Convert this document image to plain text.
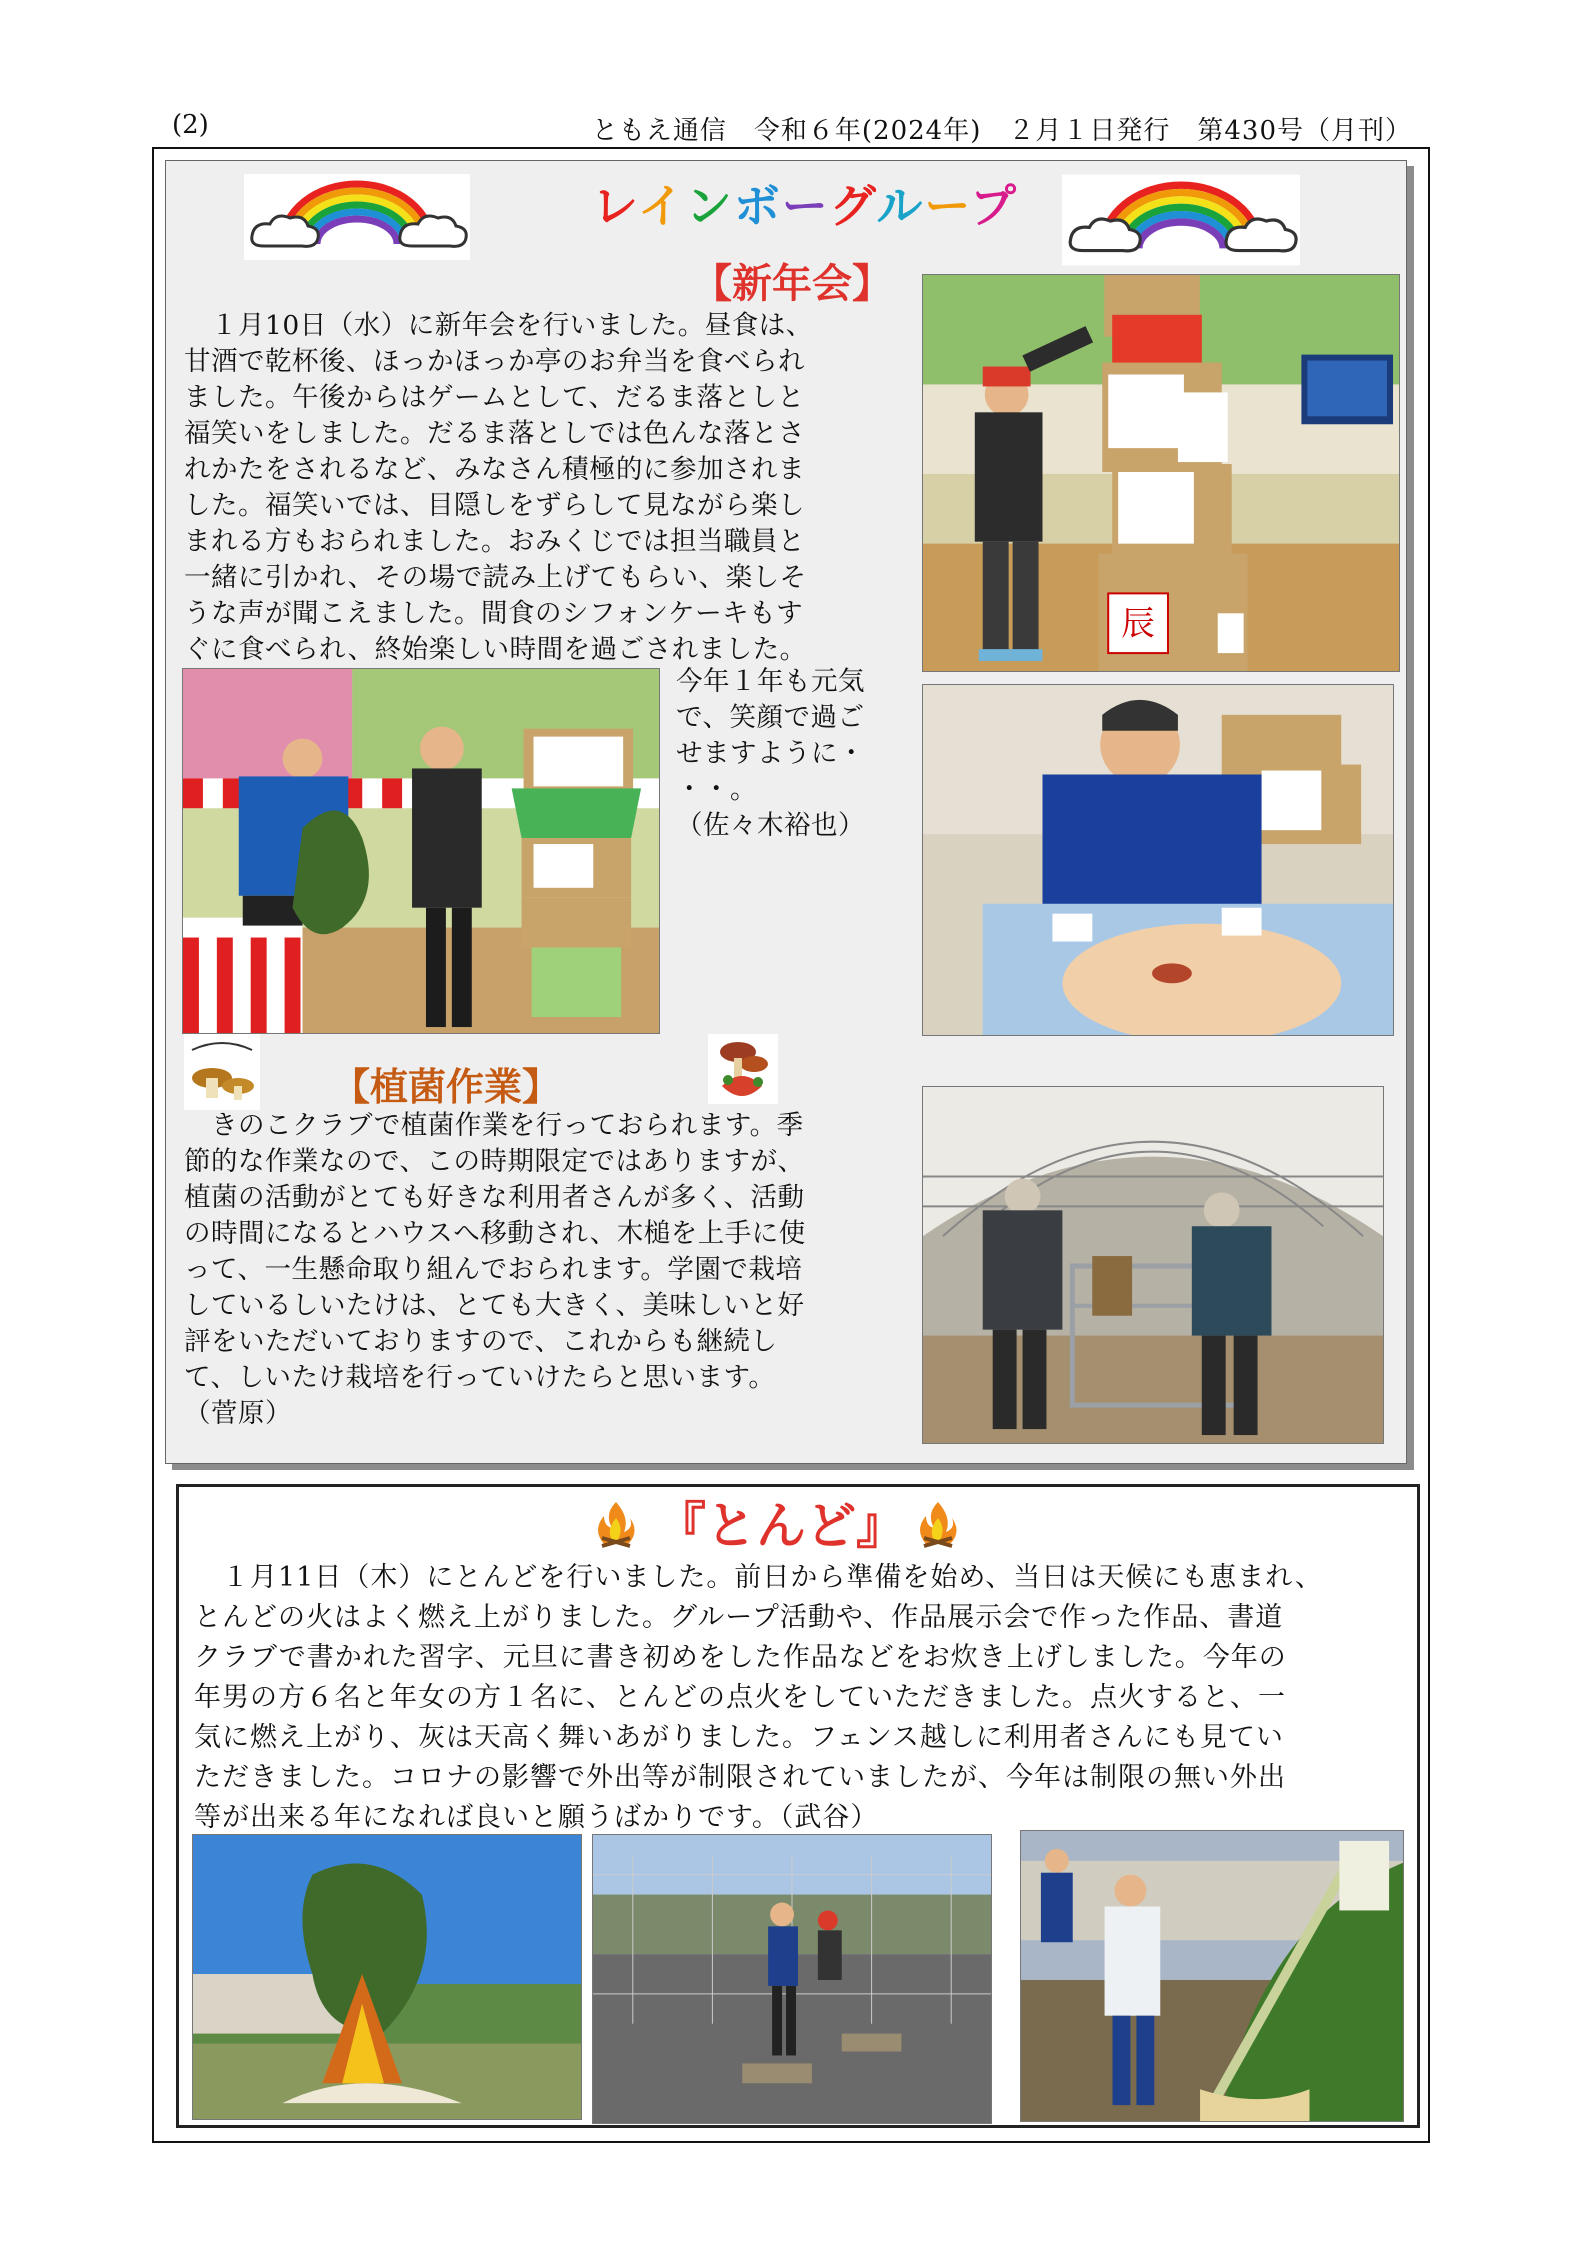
(2)	ともえ通信　令和６年(2024年)　２月１日発行　第430号（月刊）
レインボーグループ
【新年会】
　１月10日（水）に新年会を行いました。昼食は、
甘酒で乾杯後、ほっかほっか亭のお弁当を食べられ
ました。午後からはゲームとして、だるま落としと
福笑いをしました。だるま落としでは色んな落とさ
れかたをされるなど、みなさん積極的に参加されま
した。福笑いでは、目隠しをずらして見ながら楽し
まれる方もおられました。おみくじでは担当職員と
一緒に引かれ、その場で読み上げてもらい、楽しそ
うな声が聞こえました。間食のシフォンケーキもす
ぐに食べられ、終始楽しい時間を過ごされました。
今年１年も元気
で、笑顔で過ご
せますように・
・・。
（佐々木裕也）
辰
【植菌作業】
　きのこクラブで植菌作業を行っておられます。季
節的な作業なので、この時期限定ではありますが、
植菌の活動がとても好きな利用者さんが多く、活動
の時間になるとハウスへ移動され、木槌を上手に使
って、一生懸命取り組んでおられます。学園で栽培
しているしいたけは、とても大きく、美味しいと好
評をいただいておりますので、これからも継続し
て、しいたけ栽培を行っていけたらと思います。
（菅原）
『とんど』
　１月11日（木）にとんどを行いました。前日から準備を始め、当日は天候にも恵まれ、
とんどの火はよく燃え上がりました。グループ活動や、作品展示会で作った作品、書道
クラブで書かれた習字、元旦に書き初めをした作品などをお炊き上げしました。今年の
年男の方６名と年女の方１名に、とんどの点火をしていただきました。点火すると、一
気に燃え上がり、灰は天高く舞いあがりました。フェンス越しに利用者さんにも見てい
ただきました。コロナの影響で外出等が制限されていましたが、今年は制限の無い外出
等が出来る年になれば良いと願うばかりです。（武谷）
